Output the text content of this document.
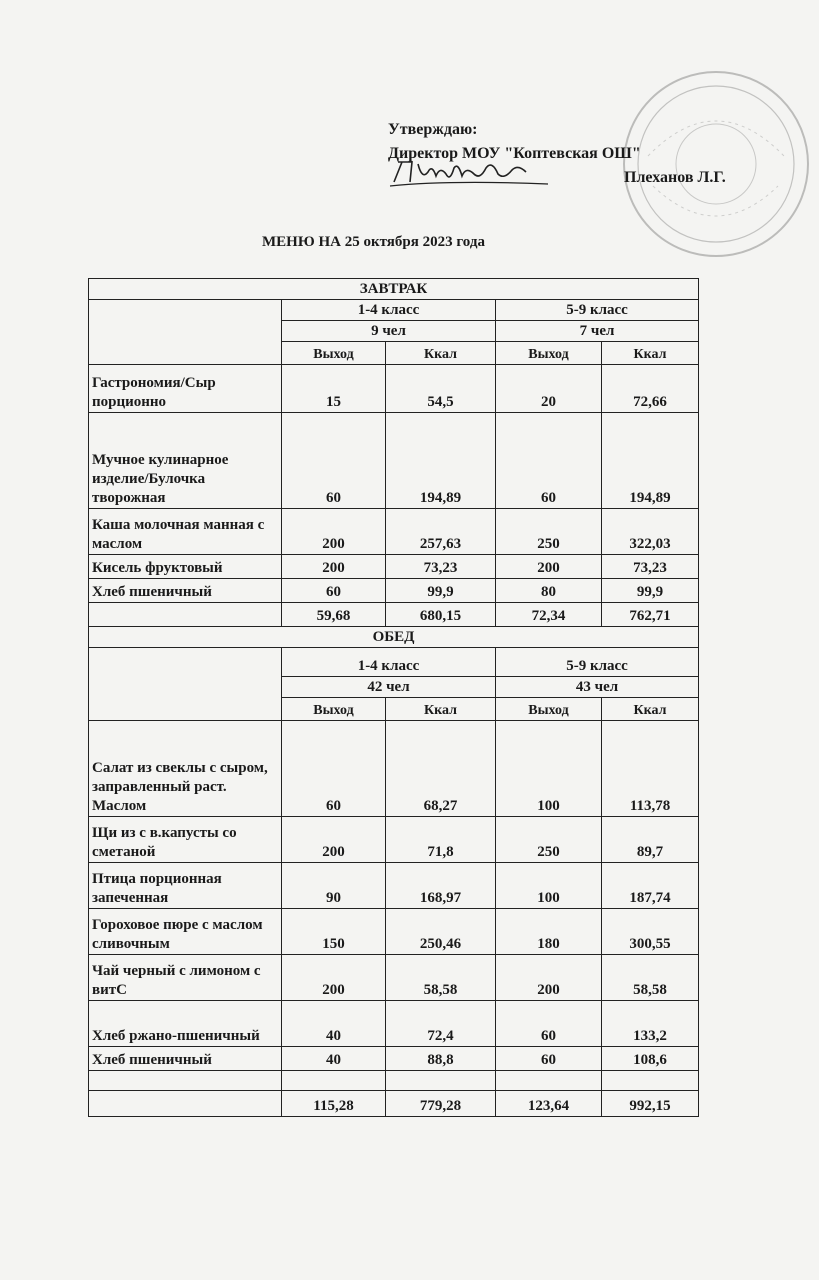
Утверждаю:
Директор МОУ "Коптевская ОШ"
Плеханов Л.Г.
МЕНЮ НА 25 октября 2023 года
ЗАВТРАК				
	1-4 класс		5-9 класс	
	9 чел		7 чел	
	Выход	Ккал	Выход	Ккал
Гастрономия/Сыр порционно	15	54,5	20	72,66
Мучное кулинарное изделие/Булочка творожная	60	194,89	60	194,89
Каша молочная манная с маслом	200	257,63	250	322,03
Кисель фруктовый	200	73,23	200	73,23
Хлеб пшеничный	60	99,9	80	99,9
	59,68	680,15	72,34	762,71
ОБЕД				
	1-4 класс		5-9 класс	
	42 чел		43 чел	
	Выход	Ккал	Выход	Ккал
Салат из свеклы с сыром, заправленный раст. Маслом	60	68,27	100	113,78
Щи из с в.капусты со сметаной	200	71,8	250	89,7
Птица порционная запеченная	90	168,97	100	187,74
Гороховое пюре с маслом сливочным	150	250,46	180	300,55
Чай черный с лимоном с витС	200	58,58	200	58,58
Хлеб ржано-пшеничный	40	72,4	60	133,2
Хлеб пшеничный	40	88,8	60	108,6

	115,28	779,28	123,64	992,15
